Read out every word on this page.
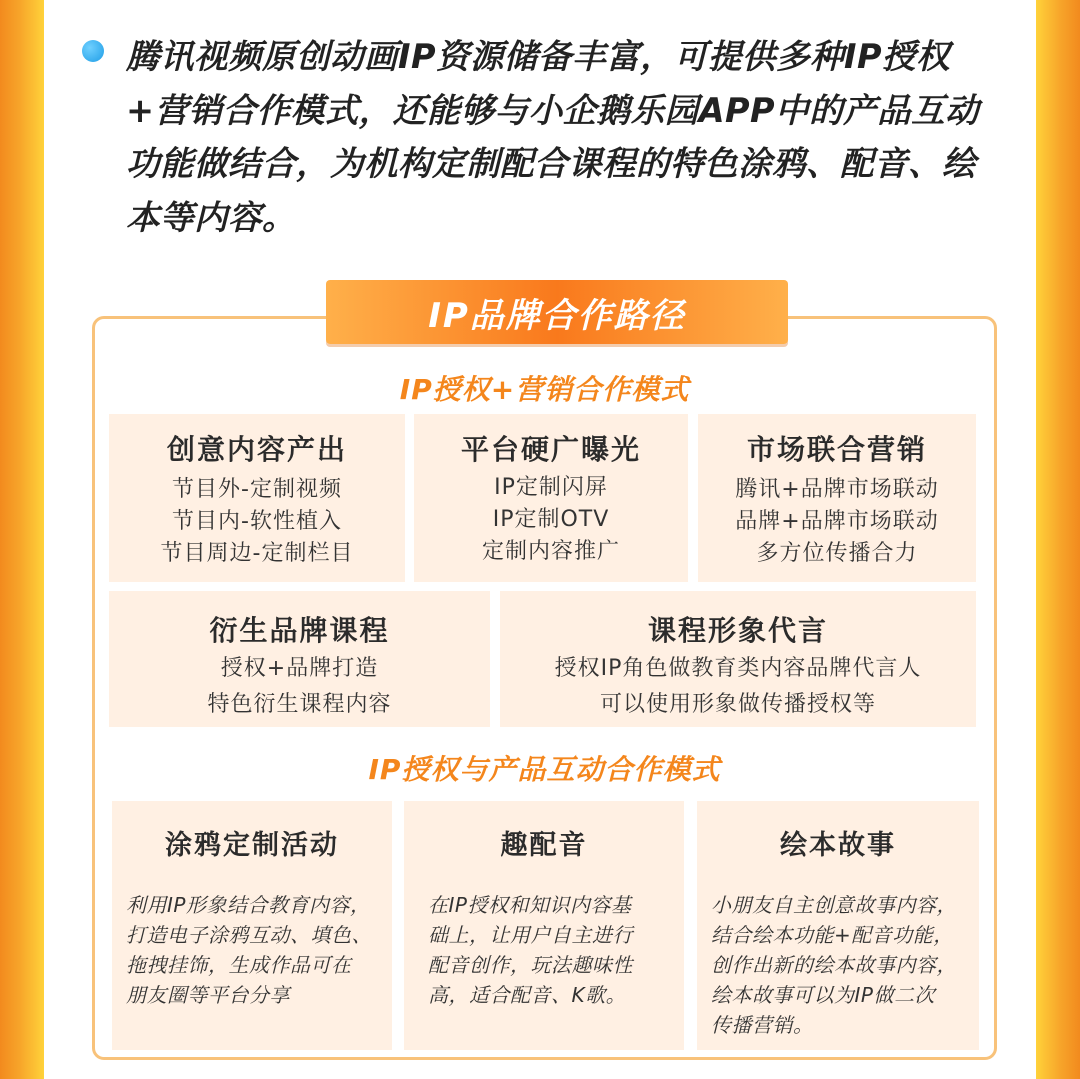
腾讯视频原创动画IP资源储备丰富，可提供多种IP授权+营销合作模式，还能够与小企鹅乐园APP中的产品互动功能做结合，为机构定制配合课程的特色涂鸦、配音、绘本等内容。
IP品牌合作路径
IP授权+营销合作模式
创意内容产出
节目外-定制视频
节目内-软性植入
节目周边-定制栏目
平台硬广曝光
IP定制闪屏
IP定制OTV
定制内容推广
市场联合营销
腾讯+品牌市场联动
品牌+品牌市场联动
多方位传播合力
衍生品牌课程
授权+品牌打造
特色衍生课程内容
课程形象代言
授权IP角色做教育类内容品牌代言人
可以使用形象做传播授权等
IP授权与产品互动合作模式
涂鸦定制活动
利用IP形象结合教育内容，
打造电子涂鸦互动、填色、
拖拽挂饰，生成作品可在
朋友圈等平台分享
趣配音
在IP授权和知识内容基
础上，让用户自主进行
配音创作，玩法趣味性
高，适合配音、K歌。
绘本故事
小朋友自主创意故事内容，
结合绘本功能+配音功能，
创作出新的绘本故事内容，
绘本故事可以为IP做二次
传播营销。
